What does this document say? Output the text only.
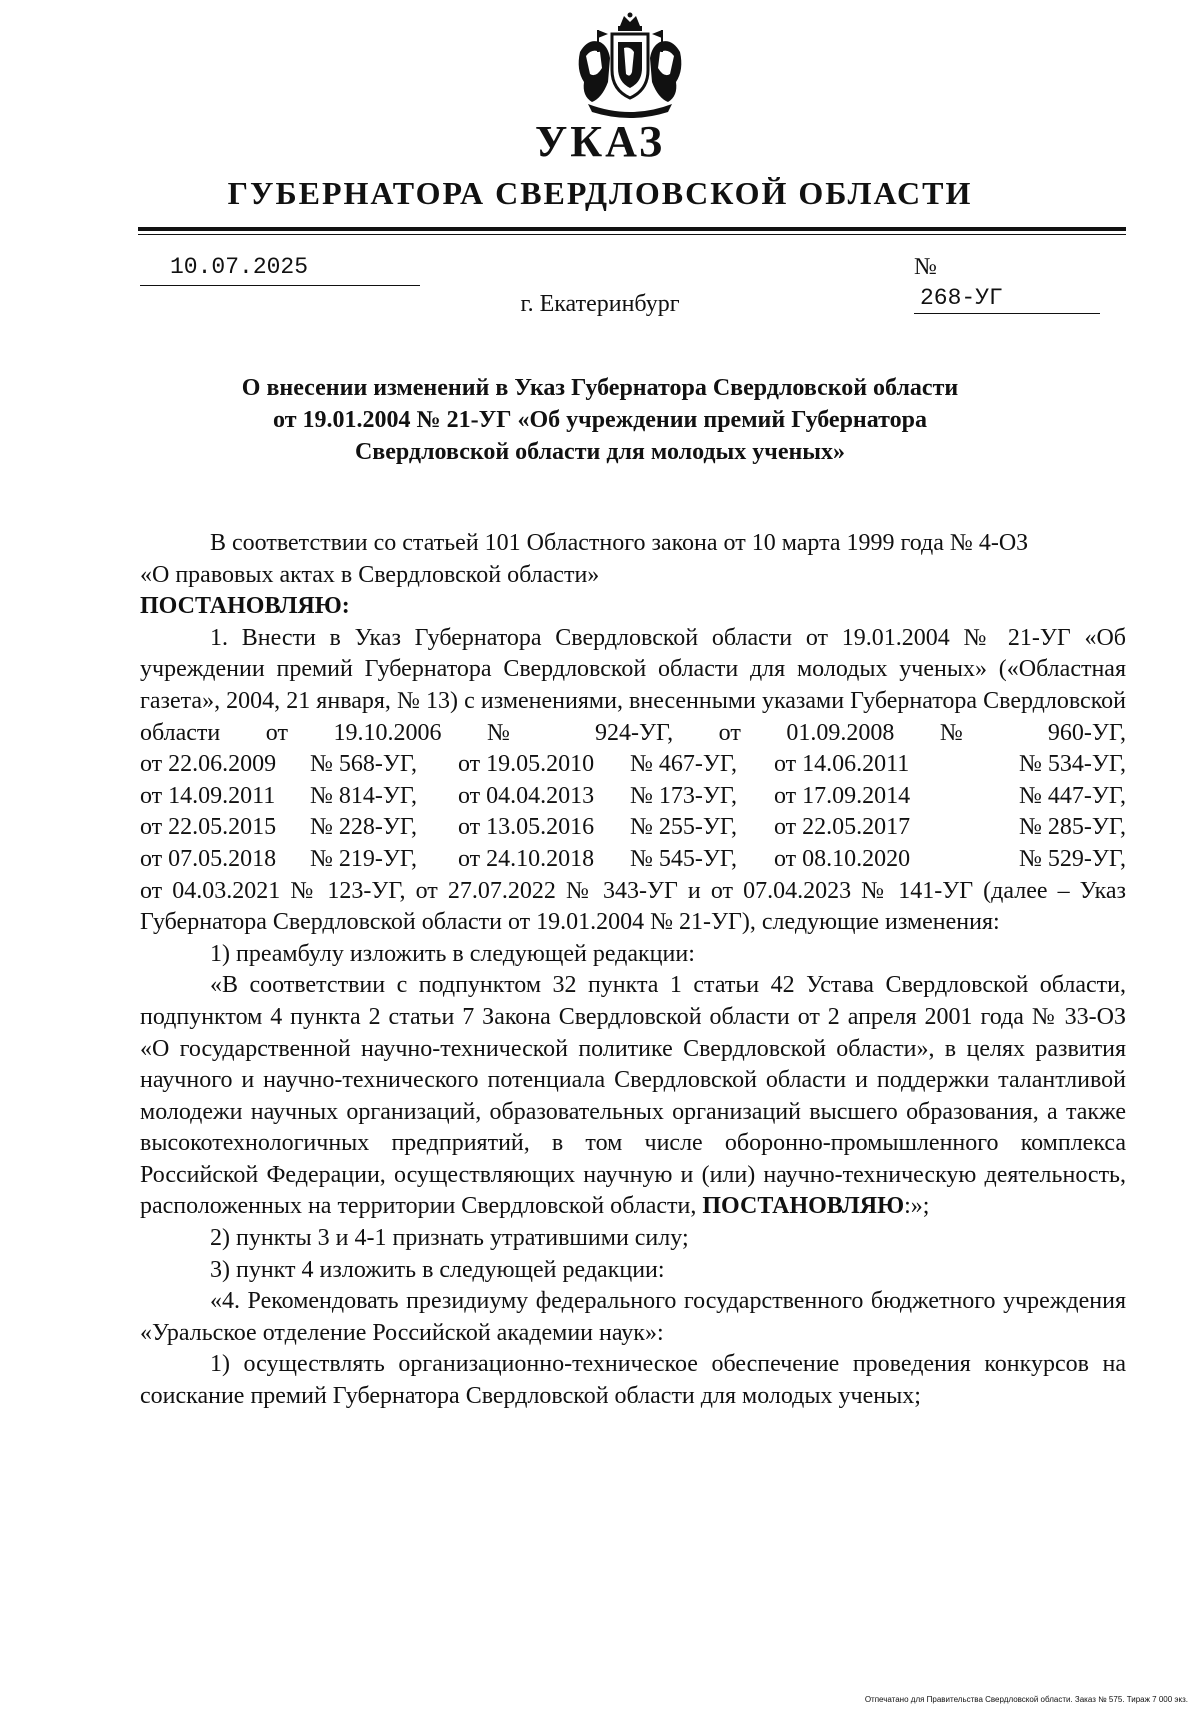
УКАЗ
ГУБЕРНАТОРА СВЕРДЛОВСКОЙ ОБЛАСТИ
10.07.2025	№ 268-УГ
г. Екатеринбург
О внесении изменений в Указ Губернатора Свердловской области
от 19.01.2004 № 21-УГ «Об учреждении премий Губернатора
Свердловской области для молодых ученых»

В соответствии со статьей 101 Областного закона от 10 марта 1999 года № 4-ОЗ

«О правовых актах в Свердловской области»

ПОСТАНОВЛЯЮ:

1. Внести в Указ Губернатора Свердловской области от 19.01.2004 № 21-УГ «Об учреждении премий Губернатора Свердловской области для молодых ученых» («Областная газета», 2004, 21 января, № 13) с изменениями, внесенными указами Губернатора Свердловской области от 19.10.2006 № 924-УГ, от 01.09.2008 № 960-УГ,

от 22.06.2009	№ 568-УГ,	от 19.05.2010	№ 467-УГ,	от 14.06.2011	№ 534-УГ,
от 14.09.2011	№ 814-УГ,	от 04.04.2013	№ 173-УГ,	от 17.09.2014	№ 447-УГ,
от 22.05.2015	№ 228-УГ,	от 13.05.2016	№ 255-УГ,	от 22.05.2017	№ 285-УГ,
от 07.05.2018	№ 219-УГ,	от 24.10.2018	№ 545-УГ,	от 08.10.2020	№ 529-УГ,

от 04.03.2021 № 123-УГ, от 27.07.2022 № 343-УГ и от 07.04.2023 № 141-УГ (далее – Указ Губернатора Свердловской области от 19.01.2004 № 21-УГ), следующие изменения:

1) преамбулу изложить в следующей редакции:

«В соответствии с подпунктом 32 пункта 1 статьи 42 Устава Свердловской области, подпунктом 4 пункта 2 статьи 7 Закона Свердловской области от 2 апреля 2001 года № 33-ОЗ «О государственной научно-технической политике Свердловской области», в целях развития научного и научно-технического потенциала Свердловской области и поддержки талантливой молодежи научных организаций, образовательных организаций высшего образования, а также высокотехнологичных предприятий, в том числе оборонно-промышленного комплекса Российской Федерации, осуществляющих научную и (или) научно-техническую деятельность, расположенных на территории Свердловской области, ПОСТАНОВЛЯЮ:»;

2) пункты 3 и 4-1 признать утратившими силу;

3) пункт 4 изложить в следующей редакции:

«4. Рекомендовать президиуму федерального государственного бюджетного учреждения «Уральское отделение Российской академии наук»:

1) осуществлять организационно-техническое обеспечение проведения конкурсов на соискание премий Губернатора Свердловской области для молодых ученых;

Отпечатано для Правительства Свердловской области. Заказ № 575. Тираж 7 000 экз.
